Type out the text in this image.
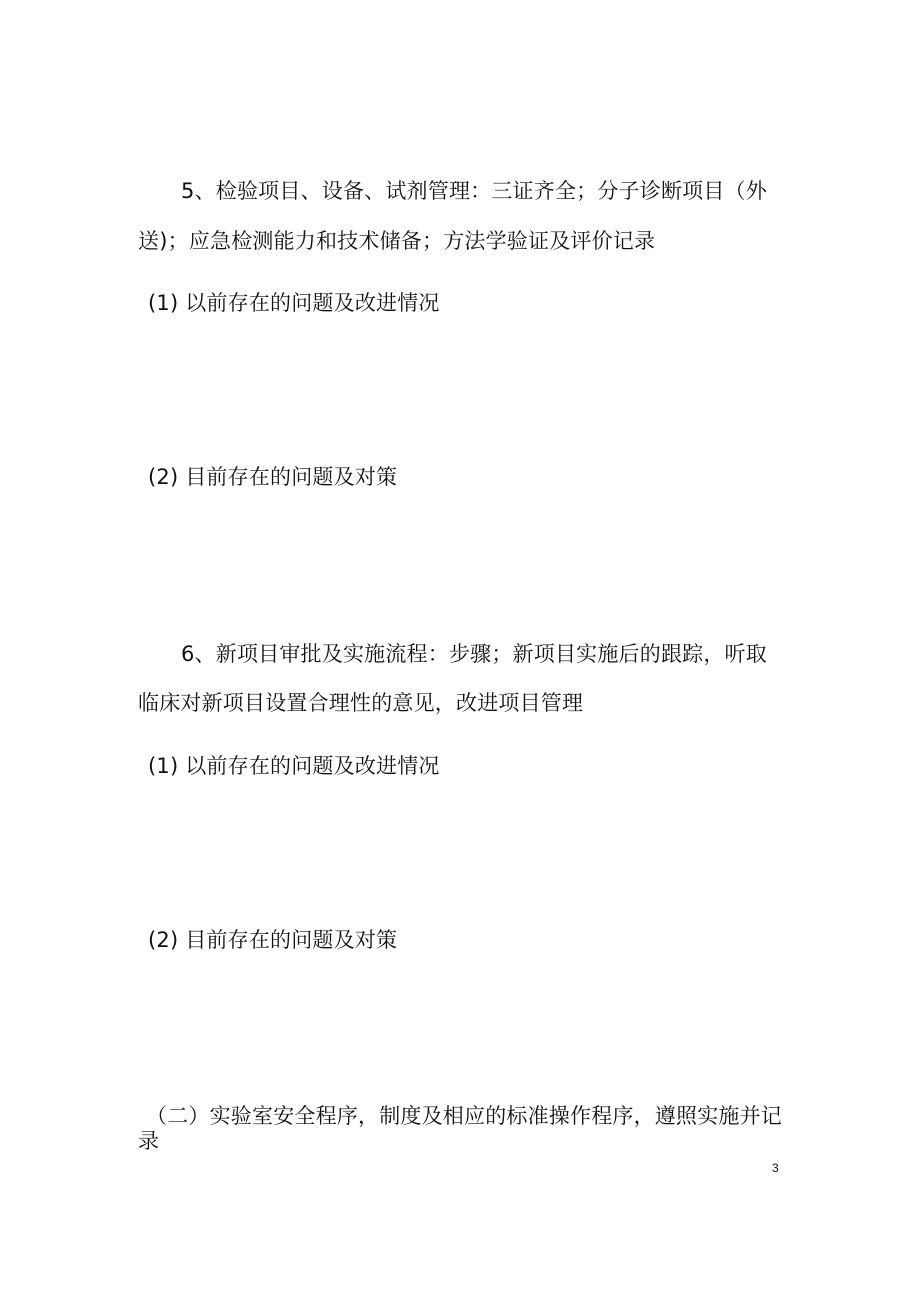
5、检验项目、设备、试剂管理：三证齐全；分子诊断项目（外
送)；应急检测能力和技术储备；方法学验证及评价记录
(1) 以前存在的问题及改进情况
(2) 目前存在的问题及对策
6、新项目审批及实施流程：步骤；新项目实施后的跟踪，听取
临床对新项目设置合理性的意见，改进项目管理
(1) 以前存在的问题及改进情况
(2) 目前存在的问题及对策
（二）实验室安全程序，制度及相应的标准操作程序，遵照实施并记
录
3
